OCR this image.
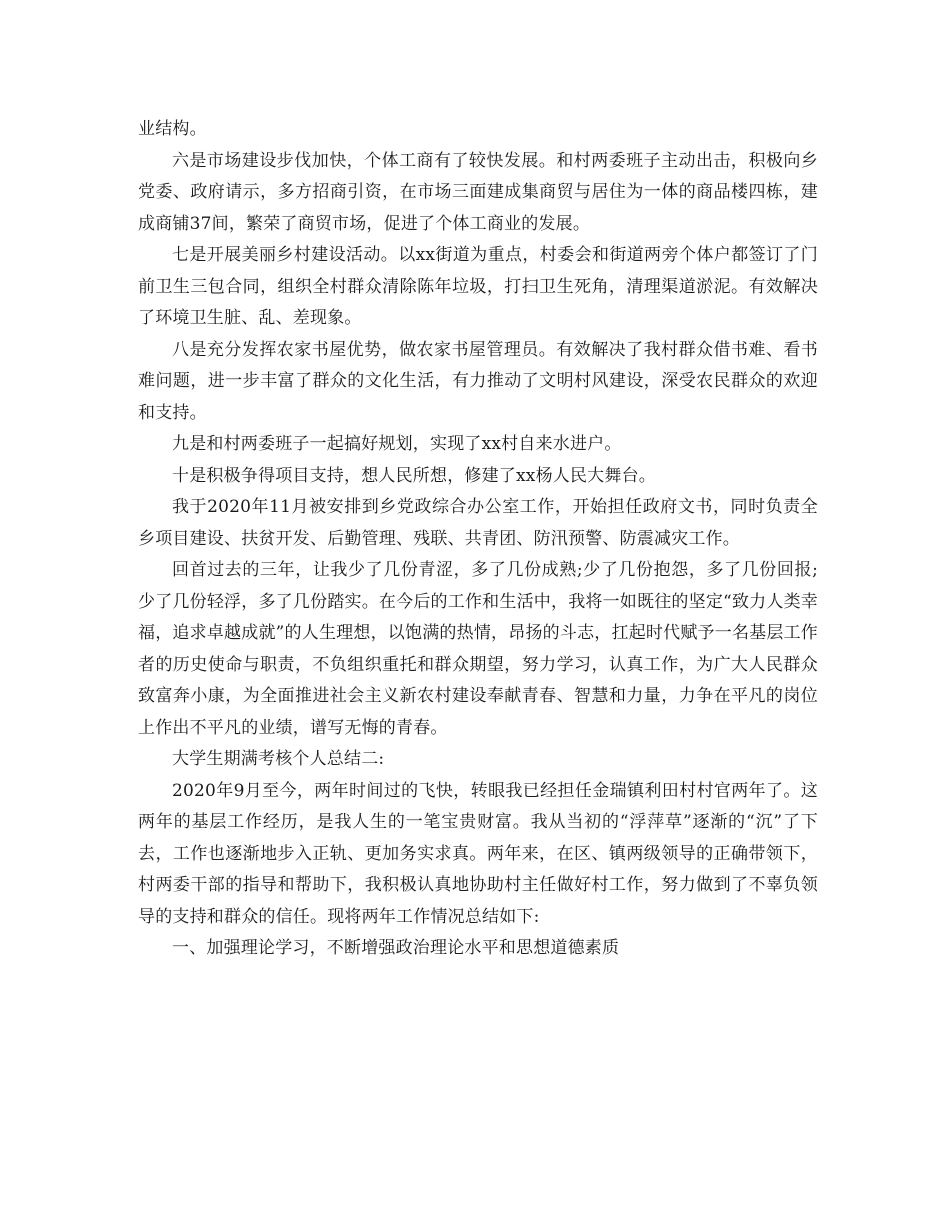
业结构。

六是市场建设步伐加快，个体工商有了较快发展。和村两委班子主动出击，积极向乡党委、政府请示，多方招商引资，在市场三面建成集商贸与居住为一体的商品楼四栋，建成商铺37间，繁荣了商贸市场，促进了个体工商业的发展。

七是开展美丽乡村建设活动。以xx街道为重点，村委会和街道两旁个体户都签订了门前卫生三包合同，组织全村群众清除陈年垃圾，打扫卫生死角，清理渠道淤泥。有效解决了环境卫生脏、乱、差现象。

八是充分发挥农家书屋优势，做农家书屋管理员。有效解决了我村群众借书难、看书难问题，进一步丰富了群众的文化生活，有力推动了文明村风建设，深受农民群众的欢迎和支持。

九是和村两委班子一起搞好规划，实现了xx村自来水进户。

十是积极争得项目支持，想人民所想，修建了xx杨人民大舞台。

我于2020年11月被安排到乡党政综合办公室工作，开始担任政府文书，同时负责全乡项目建设、扶贫开发、后勤管理、残联、共青团、防汛预警、防震减灾工作。

回首过去的三年，让我少了几份青涩，多了几份成熟;少了几份抱怨，多了几份回报;少了几份轻浮，多了几份踏实。在今后的工作和生活中，我将一如既往的坚定“致力人类幸福，追求卓越成就”的人生理想，以饱满的热情，昂扬的斗志，扛起时代赋予一名基层工作者的历史使命与职责，不负组织重托和群众期望，努力学习，认真工作，为广大人民群众致富奔小康，为全面推进社会主义新农村建设奉献青春、智慧和力量，力争在平凡的岗位上作出不平凡的业绩，谱写无悔的青春。

大学生期满考核个人总结二:

2020年9月至今，两年时间过的飞快，转眼我已经担任金瑞镇利田村村官两年了。这两年的基层工作经历，是我人生的一笔宝贵财富。我从当初的“浮萍草”逐渐的“沉”了下去，工作也逐渐地步入正轨、更加务实求真。两年来，在区、镇两级领导的正确带领下，村两委干部的指导和帮助下，我积极认真地协助村主任做好村工作，努力做到了不辜负领导的支持和群众的信任。现将两年工作情况总结如下:

一、加强理论学习，不断增强政治理论水平和思想道德素质
